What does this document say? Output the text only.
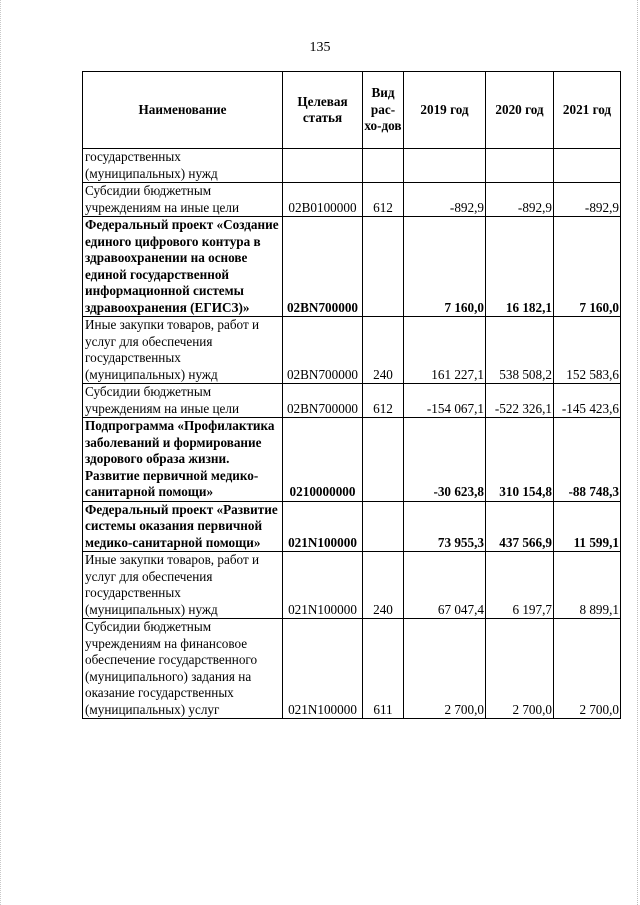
135
Наименование	Целевая статья	Вид рас-хо-дов	2019 год	2020 год	2021 год
государственных (муниципальных) нужд					
Субсидии бюджетным учреждениям на иные цели	02В0100000	612	-892,9	-892,9	-892,9
Федеральный проект «Создание единого цифрового контура в здравоохранении на основе единой государственной информационной системы здравоохранения (ЕГИСЗ)»	02ВN700000		7 160,0	16 182,1	7 160,0
Иные закупки товаров, работ и услуг для обеспечения государственных (муниципальных) нужд	02ВN700000	240	161 227,1	538 508,2	152 583,6
Субсидии бюджетным учреждениям на иные цели	02ВN700000	612	-154 067,1	-522 326,1	-145 423,6
Подпрограмма «Профилактика заболеваний и формирование здорового образа жизни. Развитие первичной медико-санитарной помощи»	0210000000		-30 623,8	310 154,8	-88 748,3
Федеральный проект «Развитие системы оказания первичной медико-санитарной помощи»	021N100000		73 955,3	437 566,9	11 599,1
Иные закупки товаров, работ и услуг для обеспечения государственных (муниципальных) нужд	021N100000	240	67 047,4	6 197,7	8 899,1
Субсидии бюджетным учреждениям на финансовое обеспечение государственного (муниципального) задания на оказание государственных (муниципальных) услуг	021N100000	611	2 700,0	2 700,0	2 700,0
